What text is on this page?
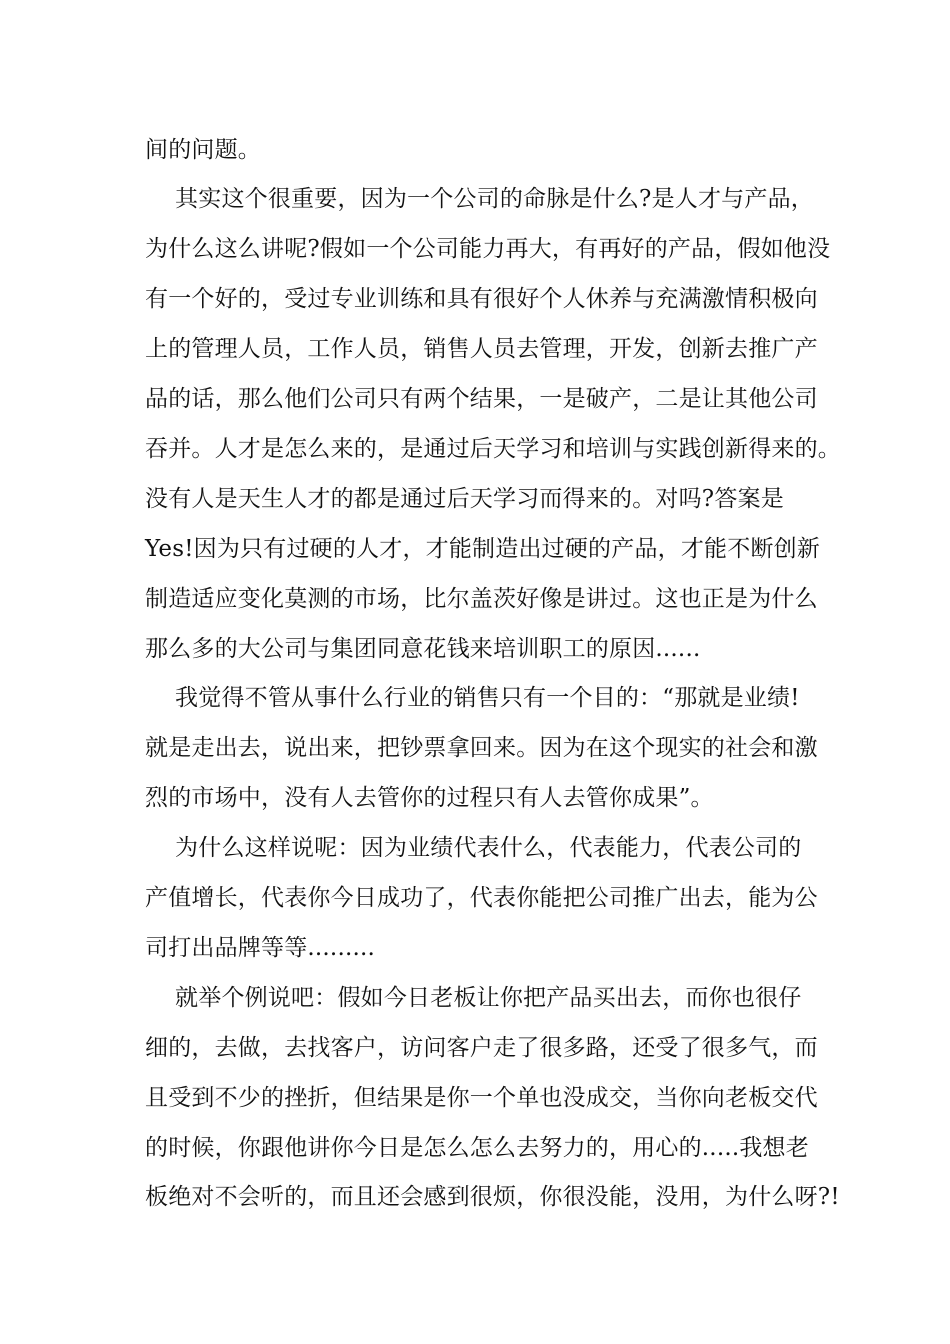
间的问题。
其实这个很重要，因为一个公司的命脉是什么?是人才与产品，
为什么这么讲呢?假如一个公司能力再大，有再好的产品，假如他没
有一个好的，受过专业训练和具有很好个人休养与充满激情积极向
上的管理人员，工作人员，销售人员去管理，开发，创新去推广产
品的话，那么他们公司只有两个结果，一是破产，二是让其他公司
吞并。人才是怎么来的，是通过后天学习和培训与实践创新得来的。
没有人是天生人才的都是通过后天学习而得来的。对吗?答案是
Yes!因为只有过硬的人才，才能制造出过硬的产品，才能不断创新
制造适应变化莫测的市场，比尔盖茨好像是讲过。这也正是为什么
那么多的大公司与集团同意花钱来培训职工的原因......
我觉得不管从事什么行业的销售只有一个目的：“那就是业绩!
就是走出去，说出来，把钞票拿回来。因为在这个现实的社会和激
烈的市场中，没有人去管你的过程只有人去管你成果”。
为什么这样说呢：因为业绩代表什么，代表能力，代表公司的
产值增长，代表你今日成功了，代表你能把公司推广出去，能为公
司打出品牌等等.........
就举个例说吧：假如今日老板让你把产品买出去，而你也很仔
细的，去做，去找客户，访问客户走了很多路，还受了很多气，而
且受到不少的挫折，但结果是你一个单也没成交，当你向老板交代
的时候，你跟他讲你今日是怎么怎么去努力的，用心的.....我想老
板绝对不会听的，而且还会感到很烦，你很没能，没用，为什么呀?!
